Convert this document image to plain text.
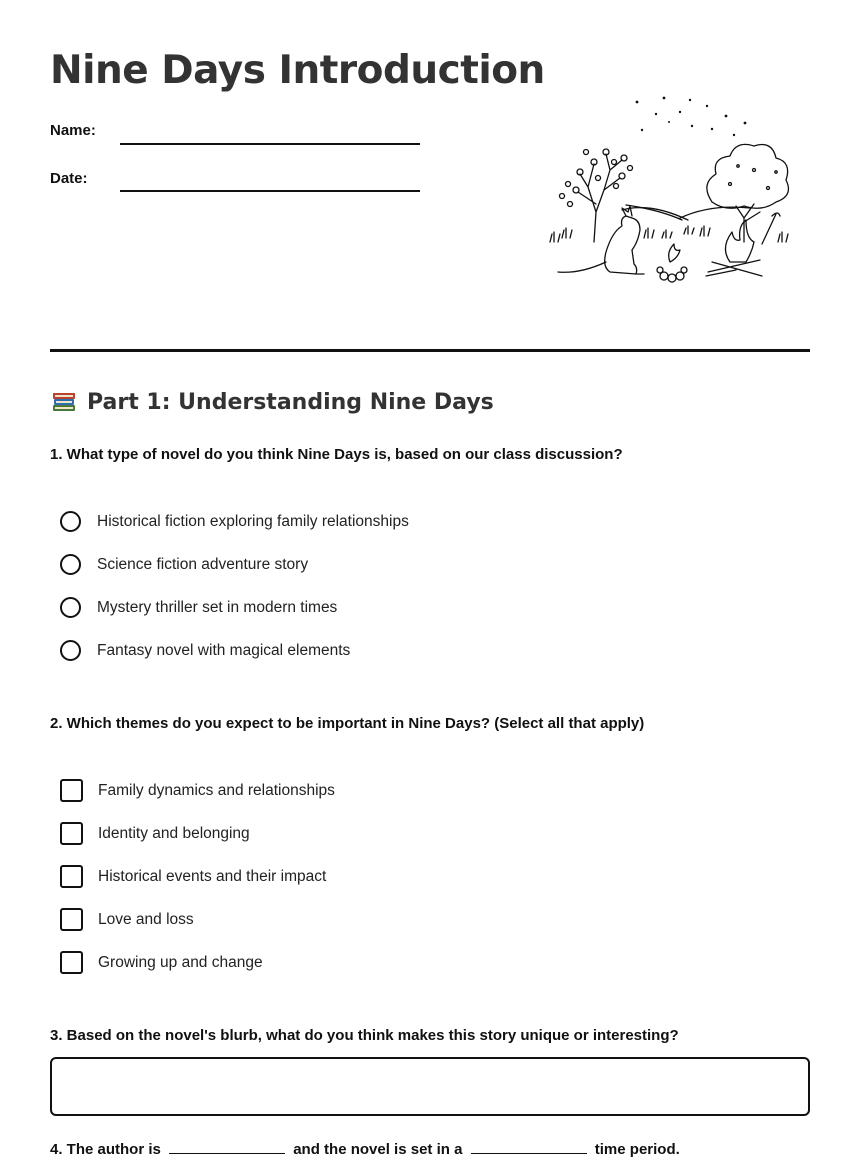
Nine Days Introduction
Name:
Date:
Part 1: Understanding Nine Days

1. What type of novel do you think Nine Days is, based on our class discussion?

Historical fiction exploring family relationships
Science fiction adventure story
Mystery thriller set in modern times
Fantasy novel with magical elements

2. Which themes do you expect to be important in Nine Days? (Select all that apply)

Family dynamics and relationships
Identity and belonging
Historical events and their impact
Love and loss
Growing up and change

3. Based on the novel's blurb, what do you think makes this story unique or interesting?

4. The author is	and the novel is set in a	time period.
